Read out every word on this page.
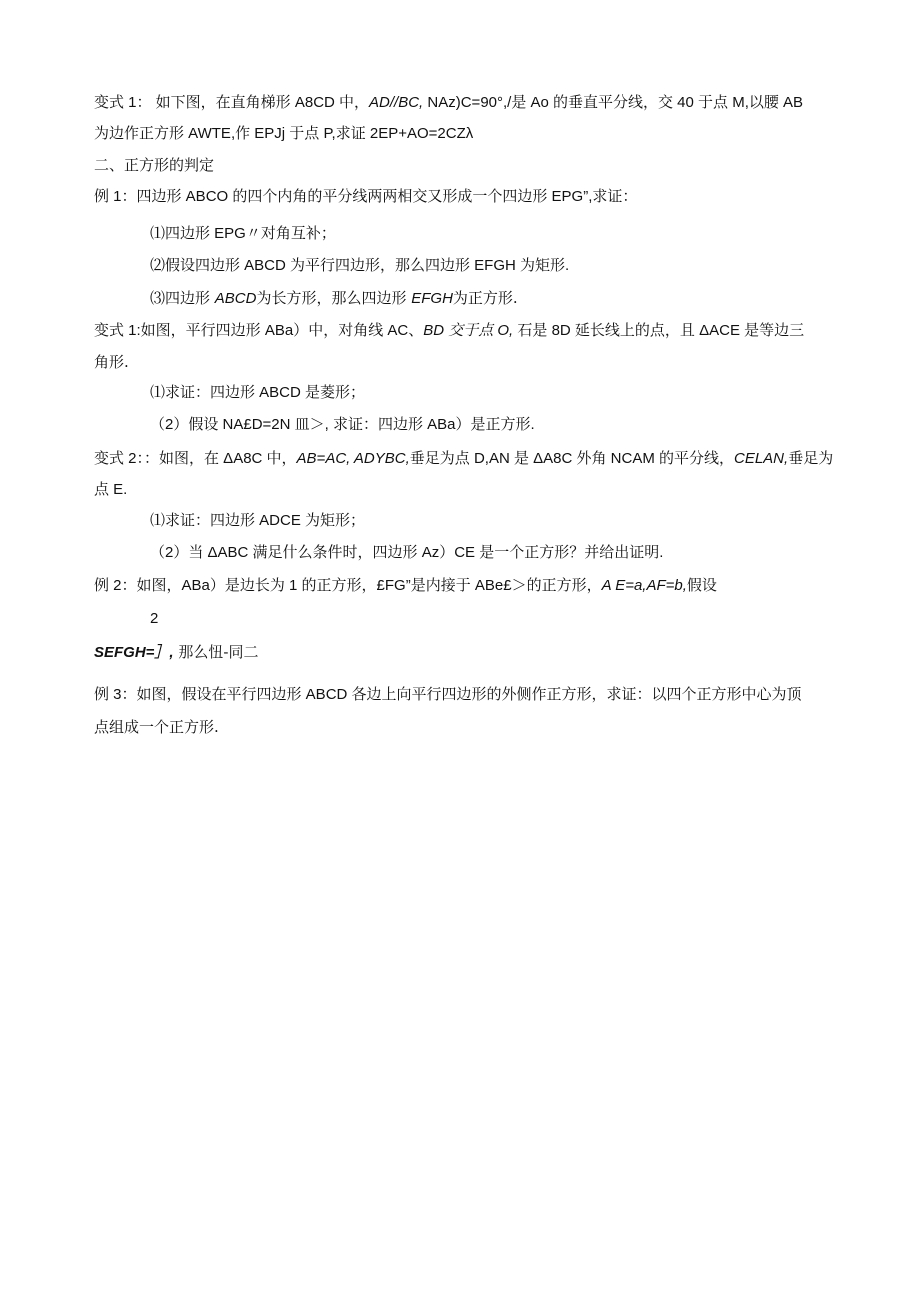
变式 1： 如下图，在直角梯形 A8CD 中，AD//BC, NAz)C=90°,/是 Ao 的垂直平分线，交 40 于点 M,以腰 AB
为边作正方形 AWTE,作 EPJj 于点 P,求证 2EP+AO=2CZλ
二、正方形的判定
例 1：四边形 ABCO 的四个内角的平分线两两相交又形成一个四边形 EPG”,求证：
⑴四边形 EPG〃对角互补；
⑵假设四边形 ABCD 为平行四边形，那么四边形 EFGH 为矩形.
⑶四边形 ABCD为长方形，那么四边形 EFGH为正方形.
变式 1:如图，平行四边形 ABa）中，对角线 AC、BD 交于点 O, 石是 8D 延长线上的点，且 ΔACE 是等边三
角形.
⑴求证：四边形 ABCD 是菱形；
（2）假设 NA£D=2N 皿＞, 求证：四边形 ABa）是正方形.
变式 2：：如图，在 ΔA8C 中，AB=AC, ADYBC,垂足为点 D,AN 是 ΔA8C 外角 NCAM 的平分线，CELAN,垂足为
点 E.
⑴求证：四边形 ADCE 为矩形；
（2）当 ΔABC 满足什么条件时，四边形 Az）CE 是一个正方形？并给出证明.
例 2：如图，ABa）是边长为 1 的正方形，£FG”是内接于 ABe£＞的正方形，A E=a,AF=b,假设
2
SEFGH=］, 那么忸-同二
例 3：如图，假设在平行四边形 ABCD 各边上向平行四边形的外侧作正方形，求证：以四个正方形中心为顶
点组成一个正方形.
